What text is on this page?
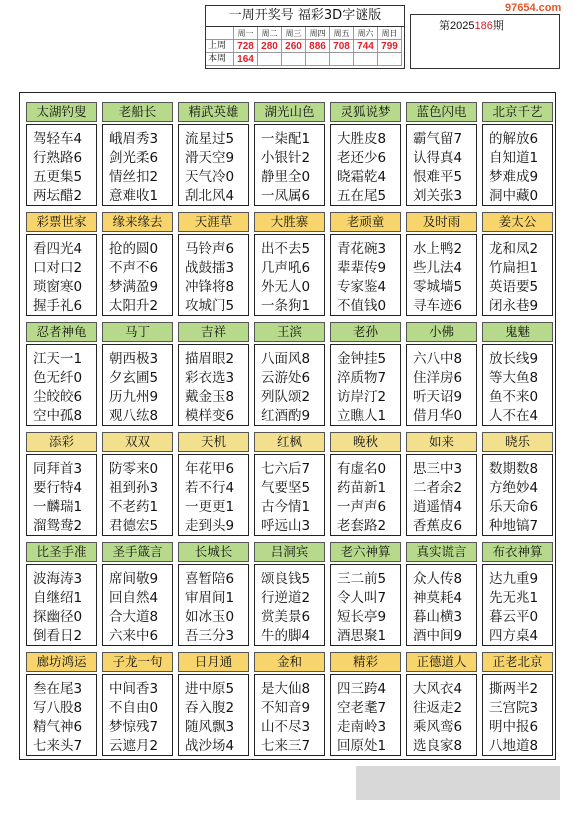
97654.com
一周开奖号 福彩3D字谜版
周一	周二	周三	周四	周五	周六	周日
上周	728 280 260 886 708 744 799
本周	164
第2025186期
太湖钓叟
驾轻车4
行熟路6
五更集5
两坛醋2
老船长
峨眉秀3
剑光柔6
情丝扣2
意难收1
精武英雄
流星过5
滑天空9
天气冷0
刮北风4
湖光山色
一柒配1
小银针2
静里全0
一凤属6
灵狐说梦
大胜皮8
老还少6
晓霜乾4
五在尾5
蓝色闪电
霸气留7
认得真4
恨难平5
刘关张3
北京千艺
的解放6
自知道1
梦难成9
洞中藏0
彩票世家
看四光4
口对口2
琐窗寒0
握手礼6
缘来缘去
抢的圆0
不声不6
梦满盈9
太阳升2
天涯草
马铃声6
战鼓擂3
冲锋将8
攻城门5
大胜寨
出不去5
几声吼6
外无人0
一条狗1
老顽童
青花碗3
辈辈传9
专家鉴4
不值钱0
及时雨
水上鸭2
些儿法4
零城墙5
寻车迹6
姜太公
龙和凤2
竹扁担1
英语要5
闭永巷9
忍者神龟
江天一1
色无纤0
尘皎皎6
空中孤8
马丁
朝西极3
夕玄圃5
历九州9
观八纮8
吉祥
描眉眼2
彩衣选3
戴金玉8
模样变6
王滨
八面风8
云游处6
列队颂2
红酒酌9
老孙
金钟挂5
淬质物7
访岸汀2
立瞧人1
小佛
六八中8
住洋房6
听天诏9
借月华0
鬼魅
放长线9
等大鱼8
鱼不来0
人不在4
添彩
同拜首3
要行特4
一麟瑞1
溜鸳鸯2
双双
防零来0
祖到孙3
不老药1
君德宏5
天机
年花甲6
若不行4
一更更1
走到头9
红枫
七六后7
气要坚5
古今情1
呼远山3
晚秋
有虚名0
药苗新1
一声声6
老套路2
如来
思三中3
二者余2
逍遥情4
香蕉皮6
晓乐
数期数8
方绝妙4
乐天命6
种地镐7
比圣手准
波海涛3
自继绍1
探幽径0
倒看日2
圣手箴言
席间敬9
回自然4
合大道8
六来中6
长城长
喜暂陪6
审眉间1
如冰玉0
吾三分3
吕洞宾
颂良钱5
行逆道2
赏美景6
牛的脚4
老六神算
三二前5
令人叫7
短长亭9
酒思聚1
真实谎言
众人传8
神莫耗4
暮山横3
酒中间9
布衣神算
达九重9
先无兆1
暮云平0
四方桌4
廊坊鸿运
叁在尾3
写八股8
精气神6
七来头7
子龙一句
中间香3
不自由0
梦惊残7
云遮月2
日月通
进中原5
吞入腹2
随风飘3
战沙场4
金和
是大仙8
不知音9
山不尽3
七来三7
精彩
四三跨4
空老耄7
走南岭3
回原处1
正德道人
大风衣4
往返走2
乘风鸾6
选良家8
正老北京
撕两半2
三宫院3
明中报6
八地道8
